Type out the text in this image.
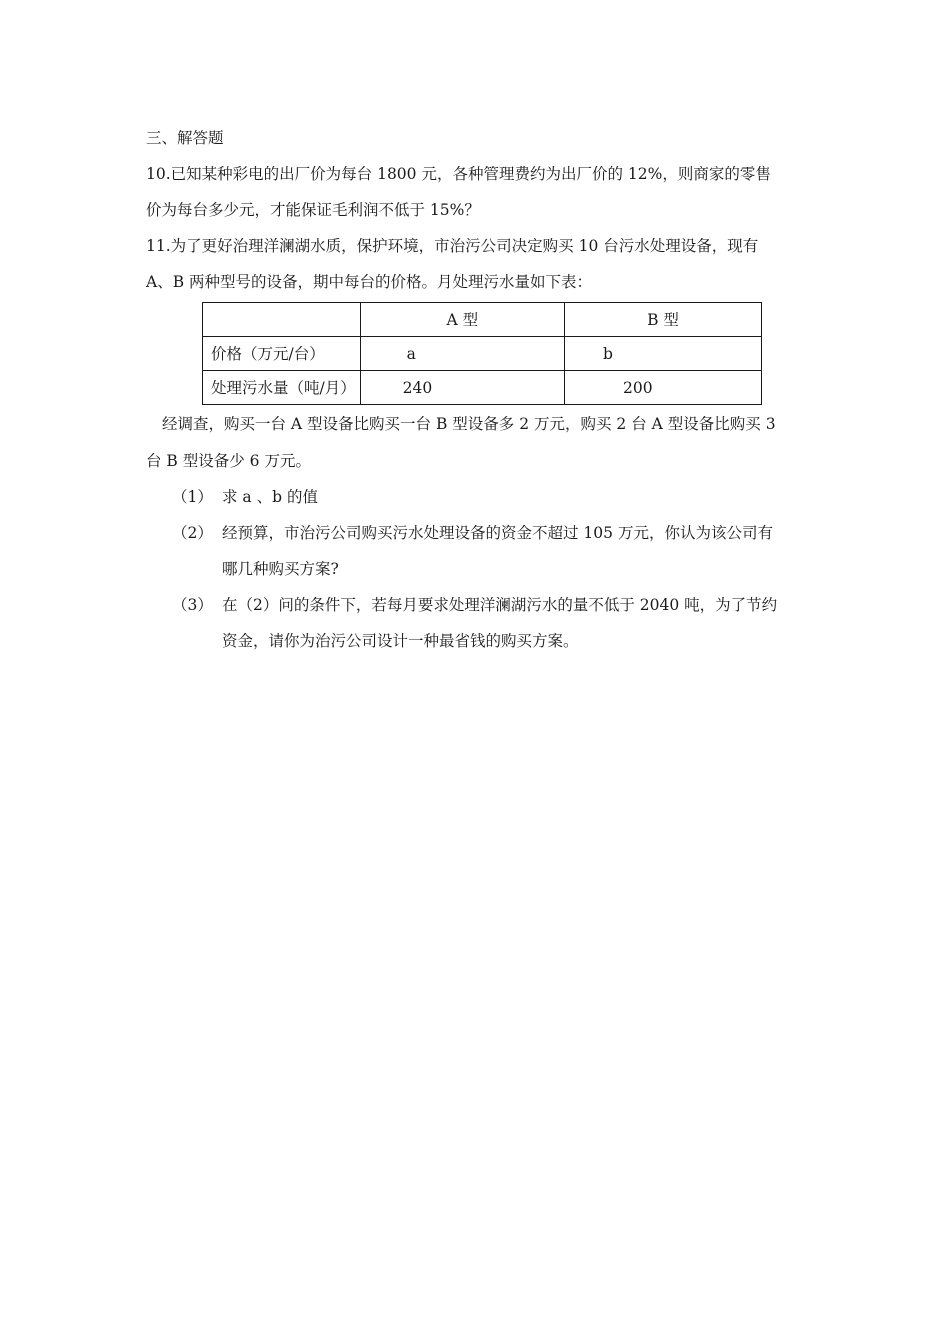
三、解答题
10.已知某种彩电的出厂价为每台 1800 元，各种管理费约为出厂价的 12%，则商家的零售
价为每台多少元，才能保证毛利润不低于 15%？
11.为了更好治理洋澜湖水质，保护环境，市治污公司决定购买 10 台污水处理设备，现有
A、B 两种型号的设备，期中每台的价格。月处理污水量如下表：
	A 型	B 型
价格（万元/台）	a	b
处理污水量（吨/月）	240	200
经调查，购买一台 A 型设备比购买一台 B 型设备多 2 万元，购买 2 台 A 型设备比购买 3
台 B 型设备少 6 万元。
（1） 求 a 、b 的值
（2） 经预算，市治污公司购买污水处理设备的资金不超过 105 万元，你认为该公司有
哪几种购买方案?
（3） 在（2）问的条件下，若每月要求处理洋澜湖污水的量不低于 2040 吨，为了节约
资金，请你为治污公司设计一种最省钱的购买方案。
